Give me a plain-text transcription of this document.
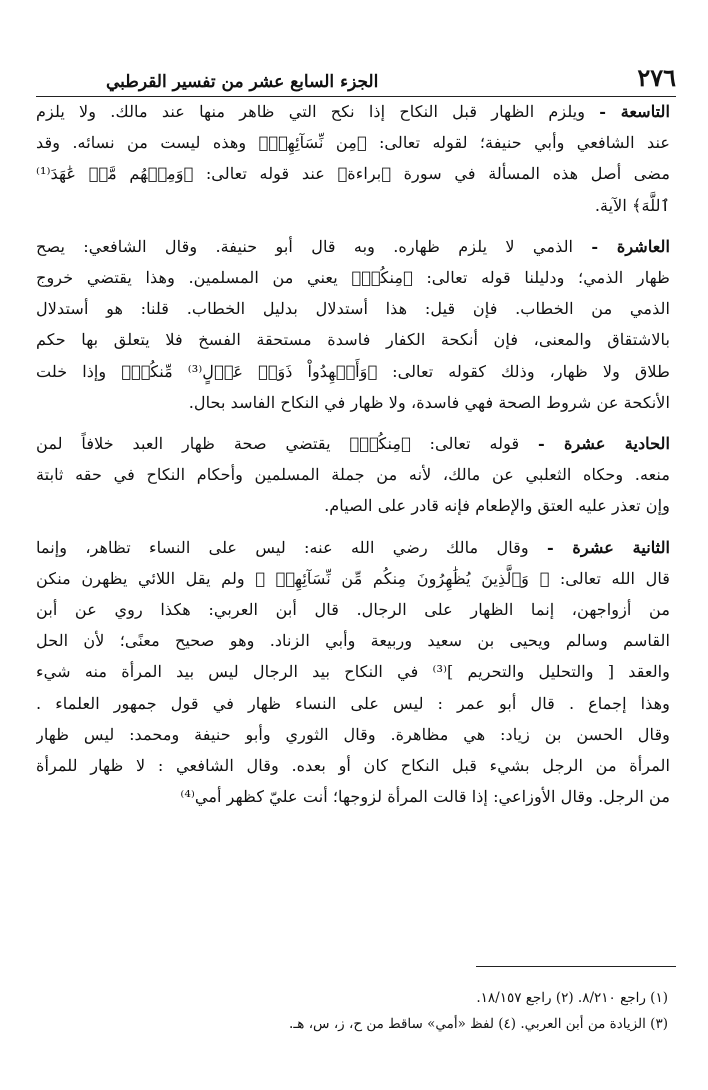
٢٧٦
الجزء السابع عشر من تفسير القرطبي
التاسعة - ويلزم الظهار قبل النكاح إذا نكح التي ظاهر منها عند مالك. ولا يلزم
عند الشافعي وأبي حنيفة؛ لقوله تعالى: ﴿مِن نِّسَآئِهِمۡ﴾ وهذه ليست من نسائه. وقد
مضى أصل هذه المسألة في سورة ﴿براءة﴾ عند قوله تعالى: ﴿وَمِنۡهُم مَّنۡ عَٰهَدَ⁽¹⁾
ٱللَّهَ﴾ الآية.
العاشرة - الذمي لا يلزم ظهاره. وبه قال أبو حنيفة. وقال الشافعي: يصح
ظهار الذمي؛ ودليلنا قوله تعالى: ﴿مِنكُمۡ﴾ يعني من المسلمين. وهذا يقتضي خروج
الذمي من الخطاب. فإن قيل: هذا أستدلال بدليل الخطاب. قلنا: هو أستدلال
بالاشتقاق والمعنى، فإن أنكحة الكفار فاسدة مستحقة الفسخ فلا يتعلق بها حكم
طلاق ولا ظهار، وذلك كقوله تعالى: ﴿وَأَشۡهِدُواْ ذَوَيۡ عَدۡلٍ⁽³⁾ مِّنكُمۡ﴾ وإذا خلت
الأنكحة عن شروط الصحة فهي فاسدة، ولا ظهار في النكاح الفاسد بحال.
الحادية عشرة - قوله تعالى: ﴿مِنكُمۡ﴾ يقتضي صحة ظهار العبد خلافاً لمن
منعه. وحكاه الثعلبي عن مالك، لأنه من جملة المسلمين وأحكام النكاح في حقه ثابتة
وإن تعذر عليه العتق والإطعام فإنه قادر على الصيام.
الثانية عشرة - وقال مالك رضي الله عنه: ليس على النساء تظاهر، وإنما
قال الله تعالى: ﴿ وَٱلَّذِينَ يُظَٰهِرُونَ مِنكُم مِّن نِّسَآئِهِمۡ ﴾ ولم يقل اللائي يظهرن منكن
من أزواجهن، إنما الظهار على الرجال. قال أبن العربي: هكذا روي عن أبن
القاسم وسالم ويحيى بن سعيد وربيعة وأبي الزناد. وهو صحيح معنًى؛ لأن الحل
والعقد [ والتحليل والتحريم ]⁽³⁾ في النكاح بيد الرجال ليس بيد المرأة منه شيء
وهذا إجماع . قال أبو عمر : ليس على النساء ظهار في قول جمهور العلماء .
وقال الحسن بن زياد: هي مظاهرة. وقال الثوري وأبو حنيفة ومحمد: ليس ظهار
المرأة من الرجل بشيء قبل النكاح كان أو بعده. وقال الشافعي : لا ظهار للمرأة
من الرجل. وقال الأوزاعي: إذا قالت المرأة لزوجها؛ أنت عليّ كظهر أمي⁽⁴⁾
(١) راجع ٨/٢١٠. (٢) راجع ١٨/١٥٧.
(٣) الزيادة من أبن العربي. (٤) لفظ «أمي» ساقط من ح، ز، س، هـ.
